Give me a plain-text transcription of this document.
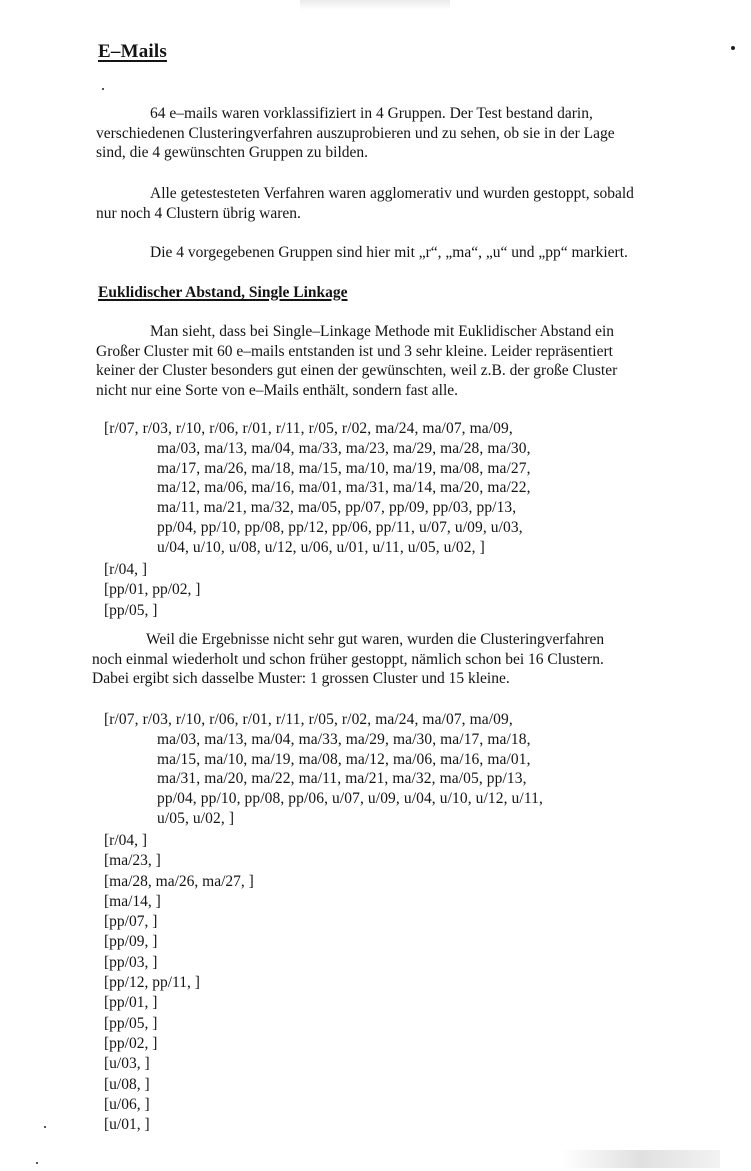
E–Mails
64 e–mails waren vorklassifiziert in 4 Gruppen. Der Test bestand darin,
verschiedenen Clusteringverfahren auszuprobieren und zu sehen, ob sie in der Lage
sind, die 4 gewünschten Gruppen zu bilden.
Alle getestesteten Verfahren waren agglomerativ und wurden gestoppt, sobald
nur noch 4 Clustern übrig waren.
Die 4 vorgegebenen Gruppen sind hier mit „r“, „ma“, „u“ und „pp“ markiert.
Euklidischer Abstand, Single Linkage
Man sieht, dass bei Single–Linkage Methode mit Euklidischer Abstand ein
Großer Cluster mit 60 e–mails entstanden ist und 3 sehr kleine. Leider repräsentiert
keiner der Cluster besonders gut einen der gewünschten, weil z.B. der große Cluster
nicht nur eine Sorte von e–Mails enthält, sondern fast alle.
[r/07, r/03, r/10, r/06, r/01, r/11, r/05, r/02, ma/24, ma/07, ma/09,
ma/03, ma/13, ma/04, ma/33, ma/23, ma/29, ma/28, ma/30,
ma/17, ma/26, ma/18, ma/15, ma/10, ma/19, ma/08, ma/27,
ma/12, ma/06, ma/16, ma/01, ma/31, ma/14, ma/20, ma/22,
ma/11, ma/21, ma/32, ma/05, pp/07, pp/09, pp/03, pp/13,
pp/04, pp/10, pp/08, pp/12, pp/06, pp/11, u/07, u/09, u/03,
u/04, u/10, u/08, u/12, u/06, u/01, u/11, u/05, u/02, ]
[r/04, ]
[pp/01, pp/02, ]
[pp/05, ]
Weil die Ergebnisse nicht sehr gut waren, wurden die Clusteringverfahren
noch einmal wiederholt und schon früher gestoppt, nämlich schon bei 16 Clustern.
Dabei ergibt sich dasselbe Muster: 1 grossen Cluster und 15 kleine.
[r/07, r/03, r/10, r/06, r/01, r/11, r/05, r/02, ma/24, ma/07, ma/09,
ma/03, ma/13, ma/04, ma/33, ma/29, ma/30, ma/17, ma/18,
ma/15, ma/10, ma/19, ma/08, ma/12, ma/06, ma/16, ma/01,
ma/31, ma/20, ma/22, ma/11, ma/21, ma/32, ma/05, pp/13,
pp/04, pp/10, pp/08, pp/06, u/07, u/09, u/04, u/10, u/12, u/11,
u/05, u/02, ]
[r/04, ]
[ma/23, ]
[ma/28, ma/26, ma/27, ]
[ma/14, ]
[pp/07, ]
[pp/09, ]
[pp/03, ]
[pp/12, pp/11, ]
[pp/01, ]
[pp/05, ]
[pp/02, ]
[u/03, ]
[u/08, ]
[u/06, ]
[u/01, ]
